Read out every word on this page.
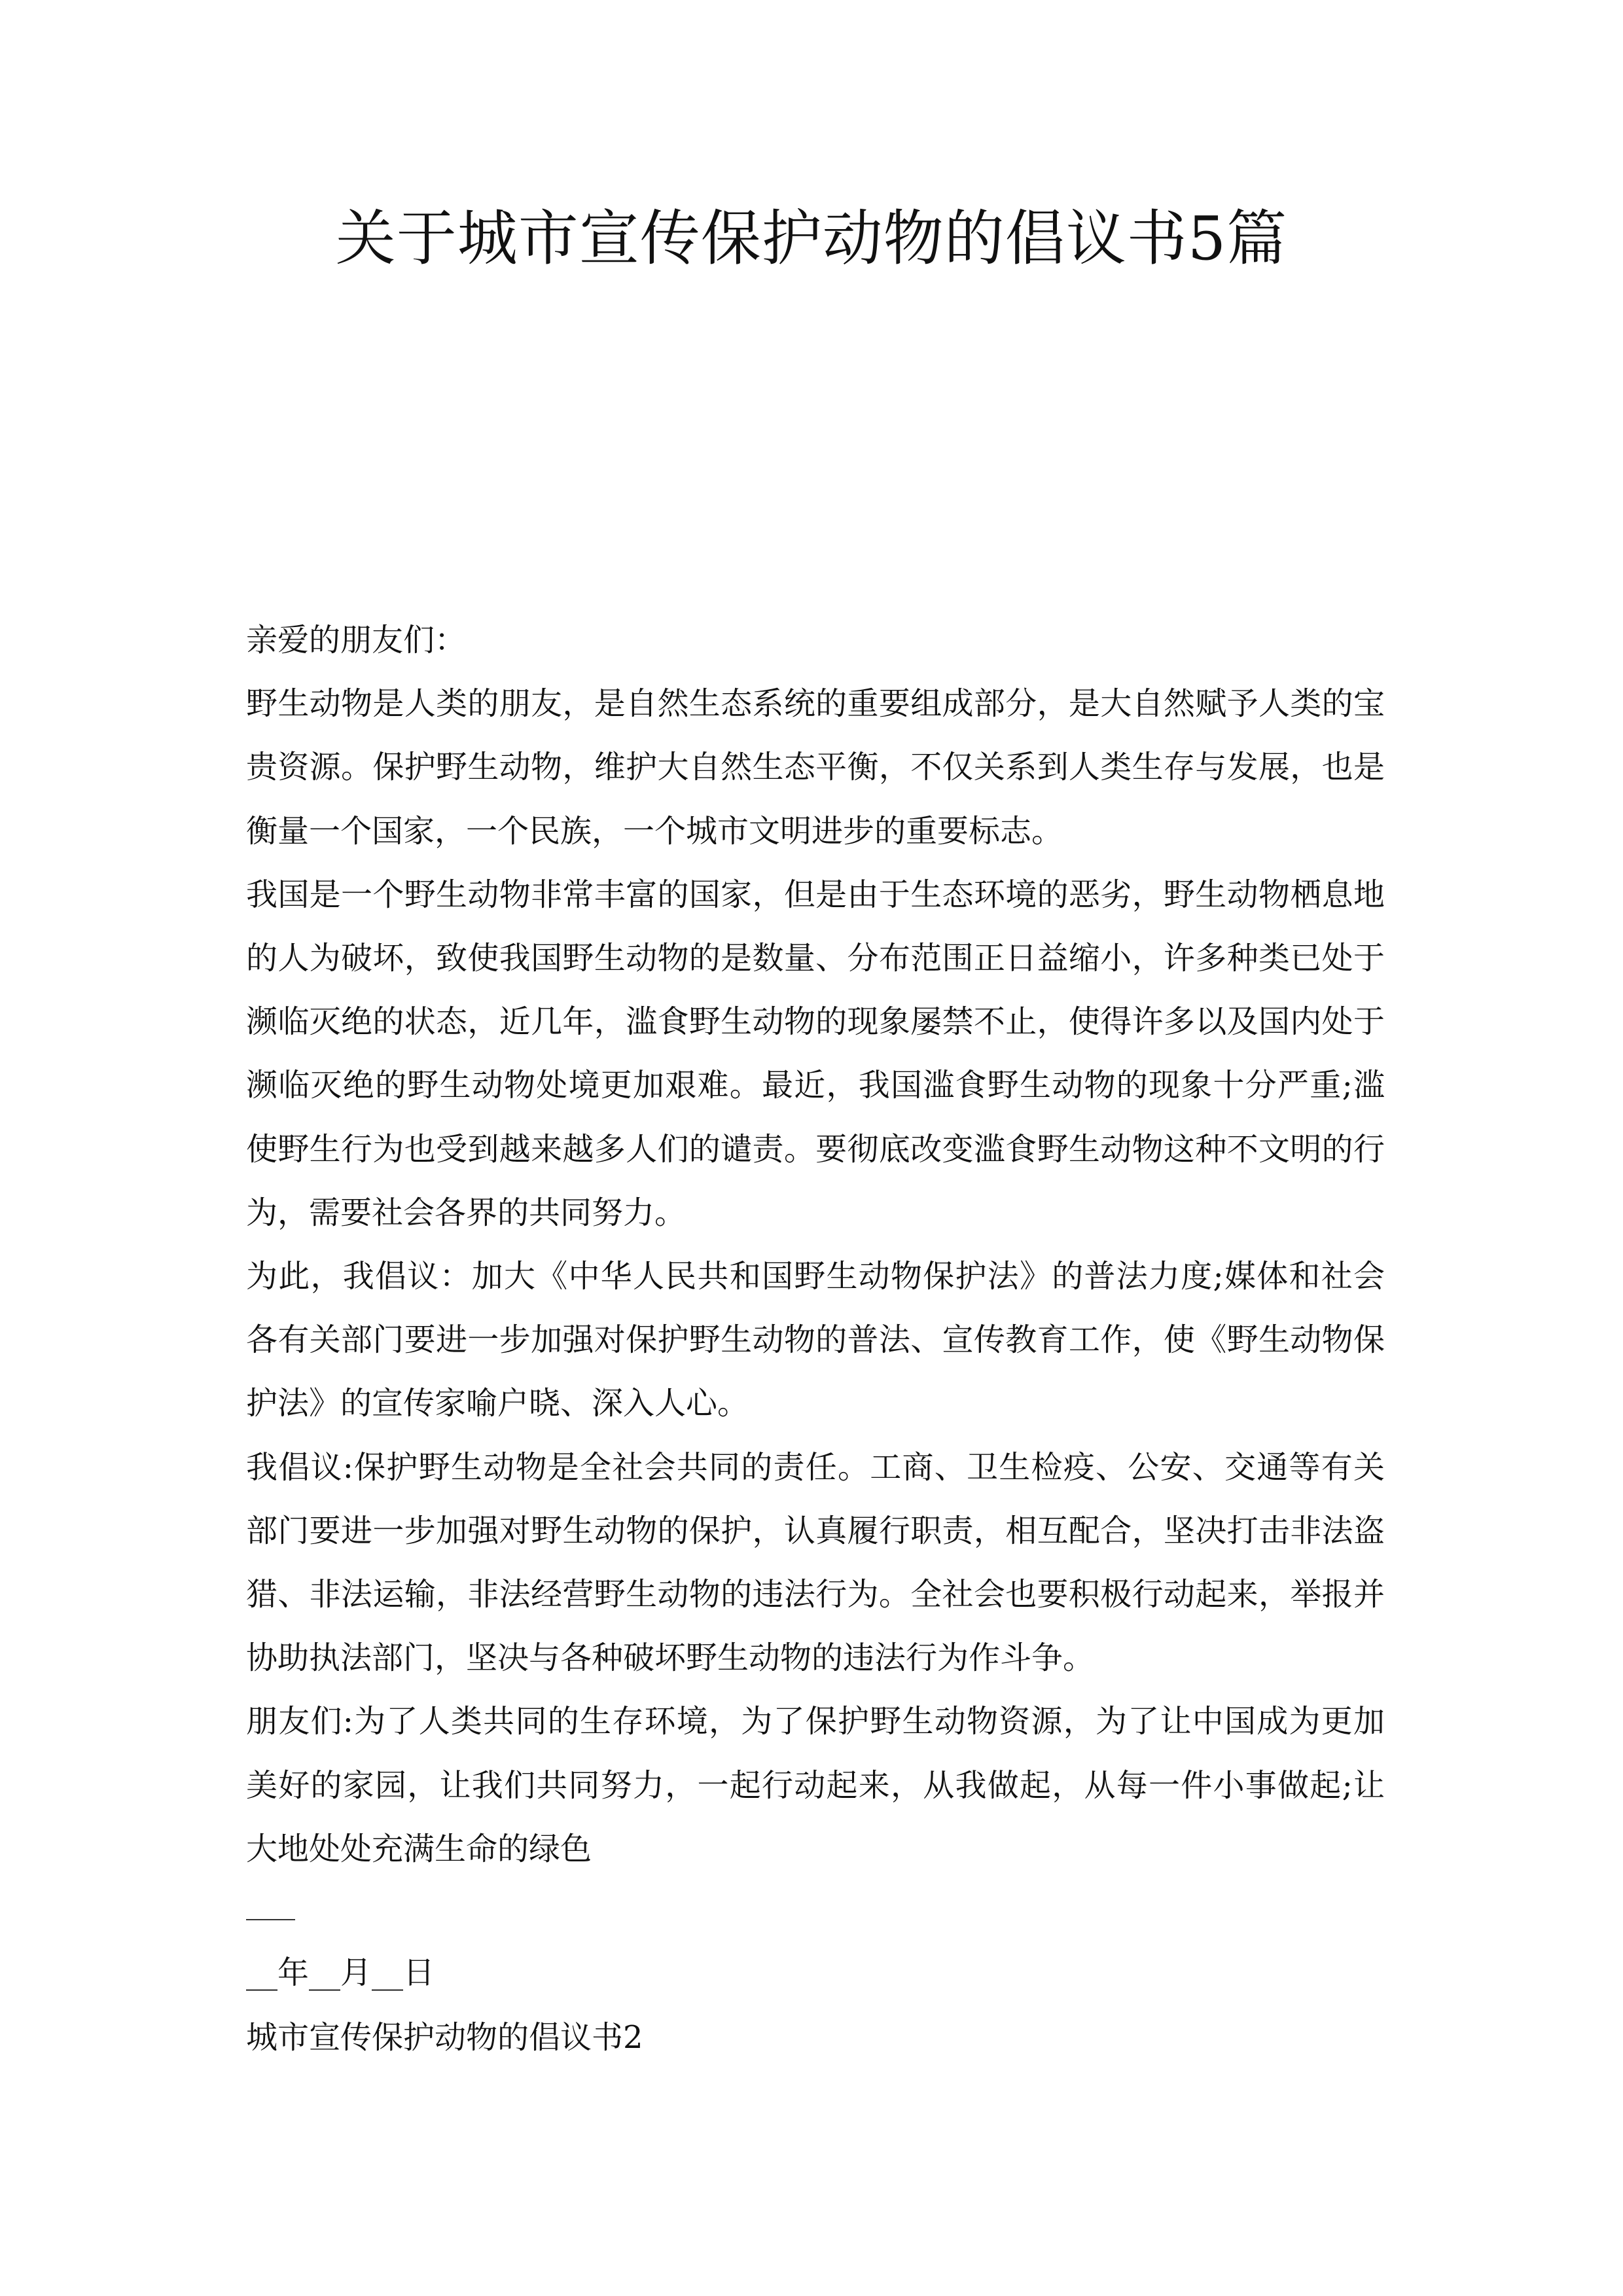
关于城市宣传保护动物的倡议书5篇

亲爱的朋友们：

野生动物是人类的朋友，是自然生态系统的重要组成部分，是大自然赋予人类的宝贵资源。保护野生动物，维护大自然生态平衡，不仅关系到人类生存与发展，也是衡量一个国家，一个民族，一个城市文明进步的重要标志。

我国是一个野生动物非常丰富的国家，但是由于生态环境的恶劣，野生动物栖息地的人为破坏，致使我国野生动物的是数量、分布范围正日益缩小，许多种类已处于濒临灭绝的状态，近几年，滥食野生动物的现象屡禁不止，使得许多以及国内处于濒临灭绝的野生动物处境更加艰难。最近，我国滥食野生动物的现象十分严重;滥使野生行为也受到越来越多人们的谴责。要彻底改变滥食野生动物这种不文明的行为，需要社会各界的共同努力。

为此，我倡议：加大《中华人民共和国野生动物保护法》的普法力度;媒体和社会各有关部门要进一步加强对保护野生动物的普法、宣传教育工作，使《野生动物保护法》的宣传家喻户晓、深入人心。

我倡议:保护野生动物是全社会共同的责任。工商、卫生检疫、公安、交通等有关部门要进一步加强对野生动物的保护，认真履行职责，相互配合，坚决打击非法盗猎、非法运输，非法经营野生动物的违法行为。全社会也要积极行动起来，举报并协助执法部门，坚决与各种破坏野生动物的违法行为作斗争。

朋友们:为了人类共同的生存环境，为了保护野生动物资源，为了让中国成为更加美好的家园，让我们共同努力，一起行动起来，从我做起，从每一件小事做起;让大地处处充满生命的绿色

__年__月__日

城市宣传保护动物的倡议书2
